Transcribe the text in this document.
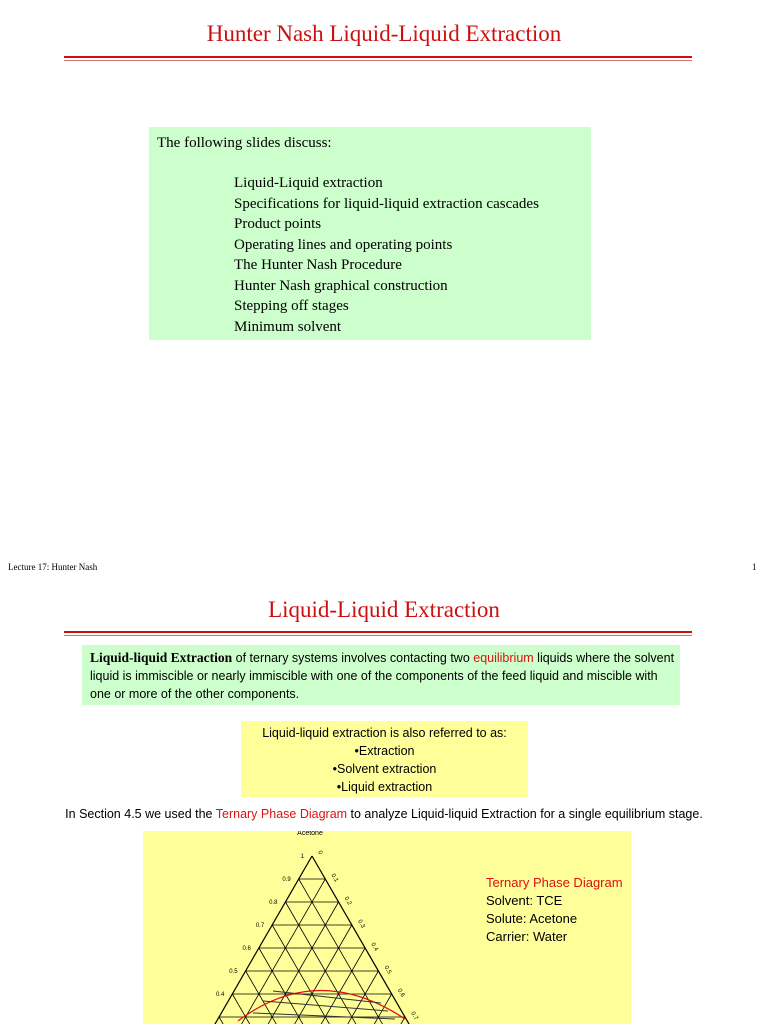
Hunter Nash Liquid-Liquid Extraction
The following slides discuss:
Liquid-Liquid extraction
Specifications for liquid-liquid extraction cascades
Product points
Operating lines and operating points
The Hunter Nash Procedure
Hunter Nash graphical construction
Stepping off stages
Minimum solvent
Lecture 17: Hunter Nash	1
Liquid-Liquid Extraction
Liquid-liquid Extraction of ternary systems involves contacting two equilibrium liquids where the solvent liquid is immiscible or nearly immiscible with one of the components of the feed liquid and miscible with one or more of the other components.
Liquid-liquid extraction is also referred to as:
•Extraction
•Solvent extraction
•Liquid extraction
In Section 4.5 we used the Ternary Phase Diagram to analyze Liquid-liquid Extraction for a single equilibrium stage.
Acetone
1
0.9
0.8
0.7
0.6
0.5
0.4
0
0.1
0.2
0.3
0.4
0.5
0.6
0.7
Ternary Phase Diagram
Solvent: TCE
Solute: Acetone
Carrier: Water
